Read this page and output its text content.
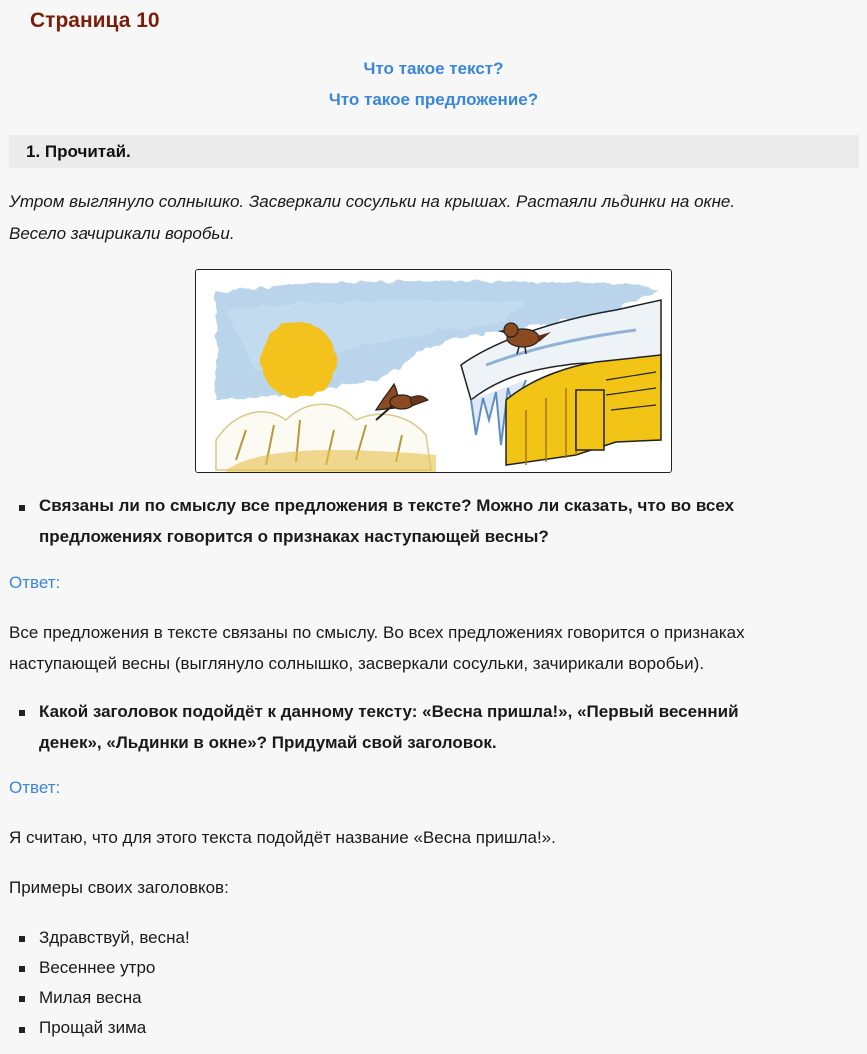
Страница 10
Что такое текст?
Что такое предложение?
1. Прочитай.

Утром выглянуло солнышко. Засверкали сосульки на крышах. Растаяли льдинки на окне.

Весело зачирикали воробьи.

Связаны ли по смыслу все предложения в тексте? Можно ли сказать, что во всех

предложениях говорится о признаках наступающей весны?

Ответ:

Все предложения в тексте связаны по смыслу. Во всех предложениях говорится о признаках

наступающей весны (выглянуло солнышко, засверкали сосульки, зачирикали воробьи).

Какой заголовок подойдёт к данному тексту: «Весна пришла!», «Первый весенний

денек», «Льдинки в окне»? Придумай свой заголовок.

Ответ:

Я считаю, что для этого текста подойдёт название «Весна пришла!».

Примеры своих заголовков:

Здравствуй, весна!

Весеннее утро

Милая весна

Прощай зима
